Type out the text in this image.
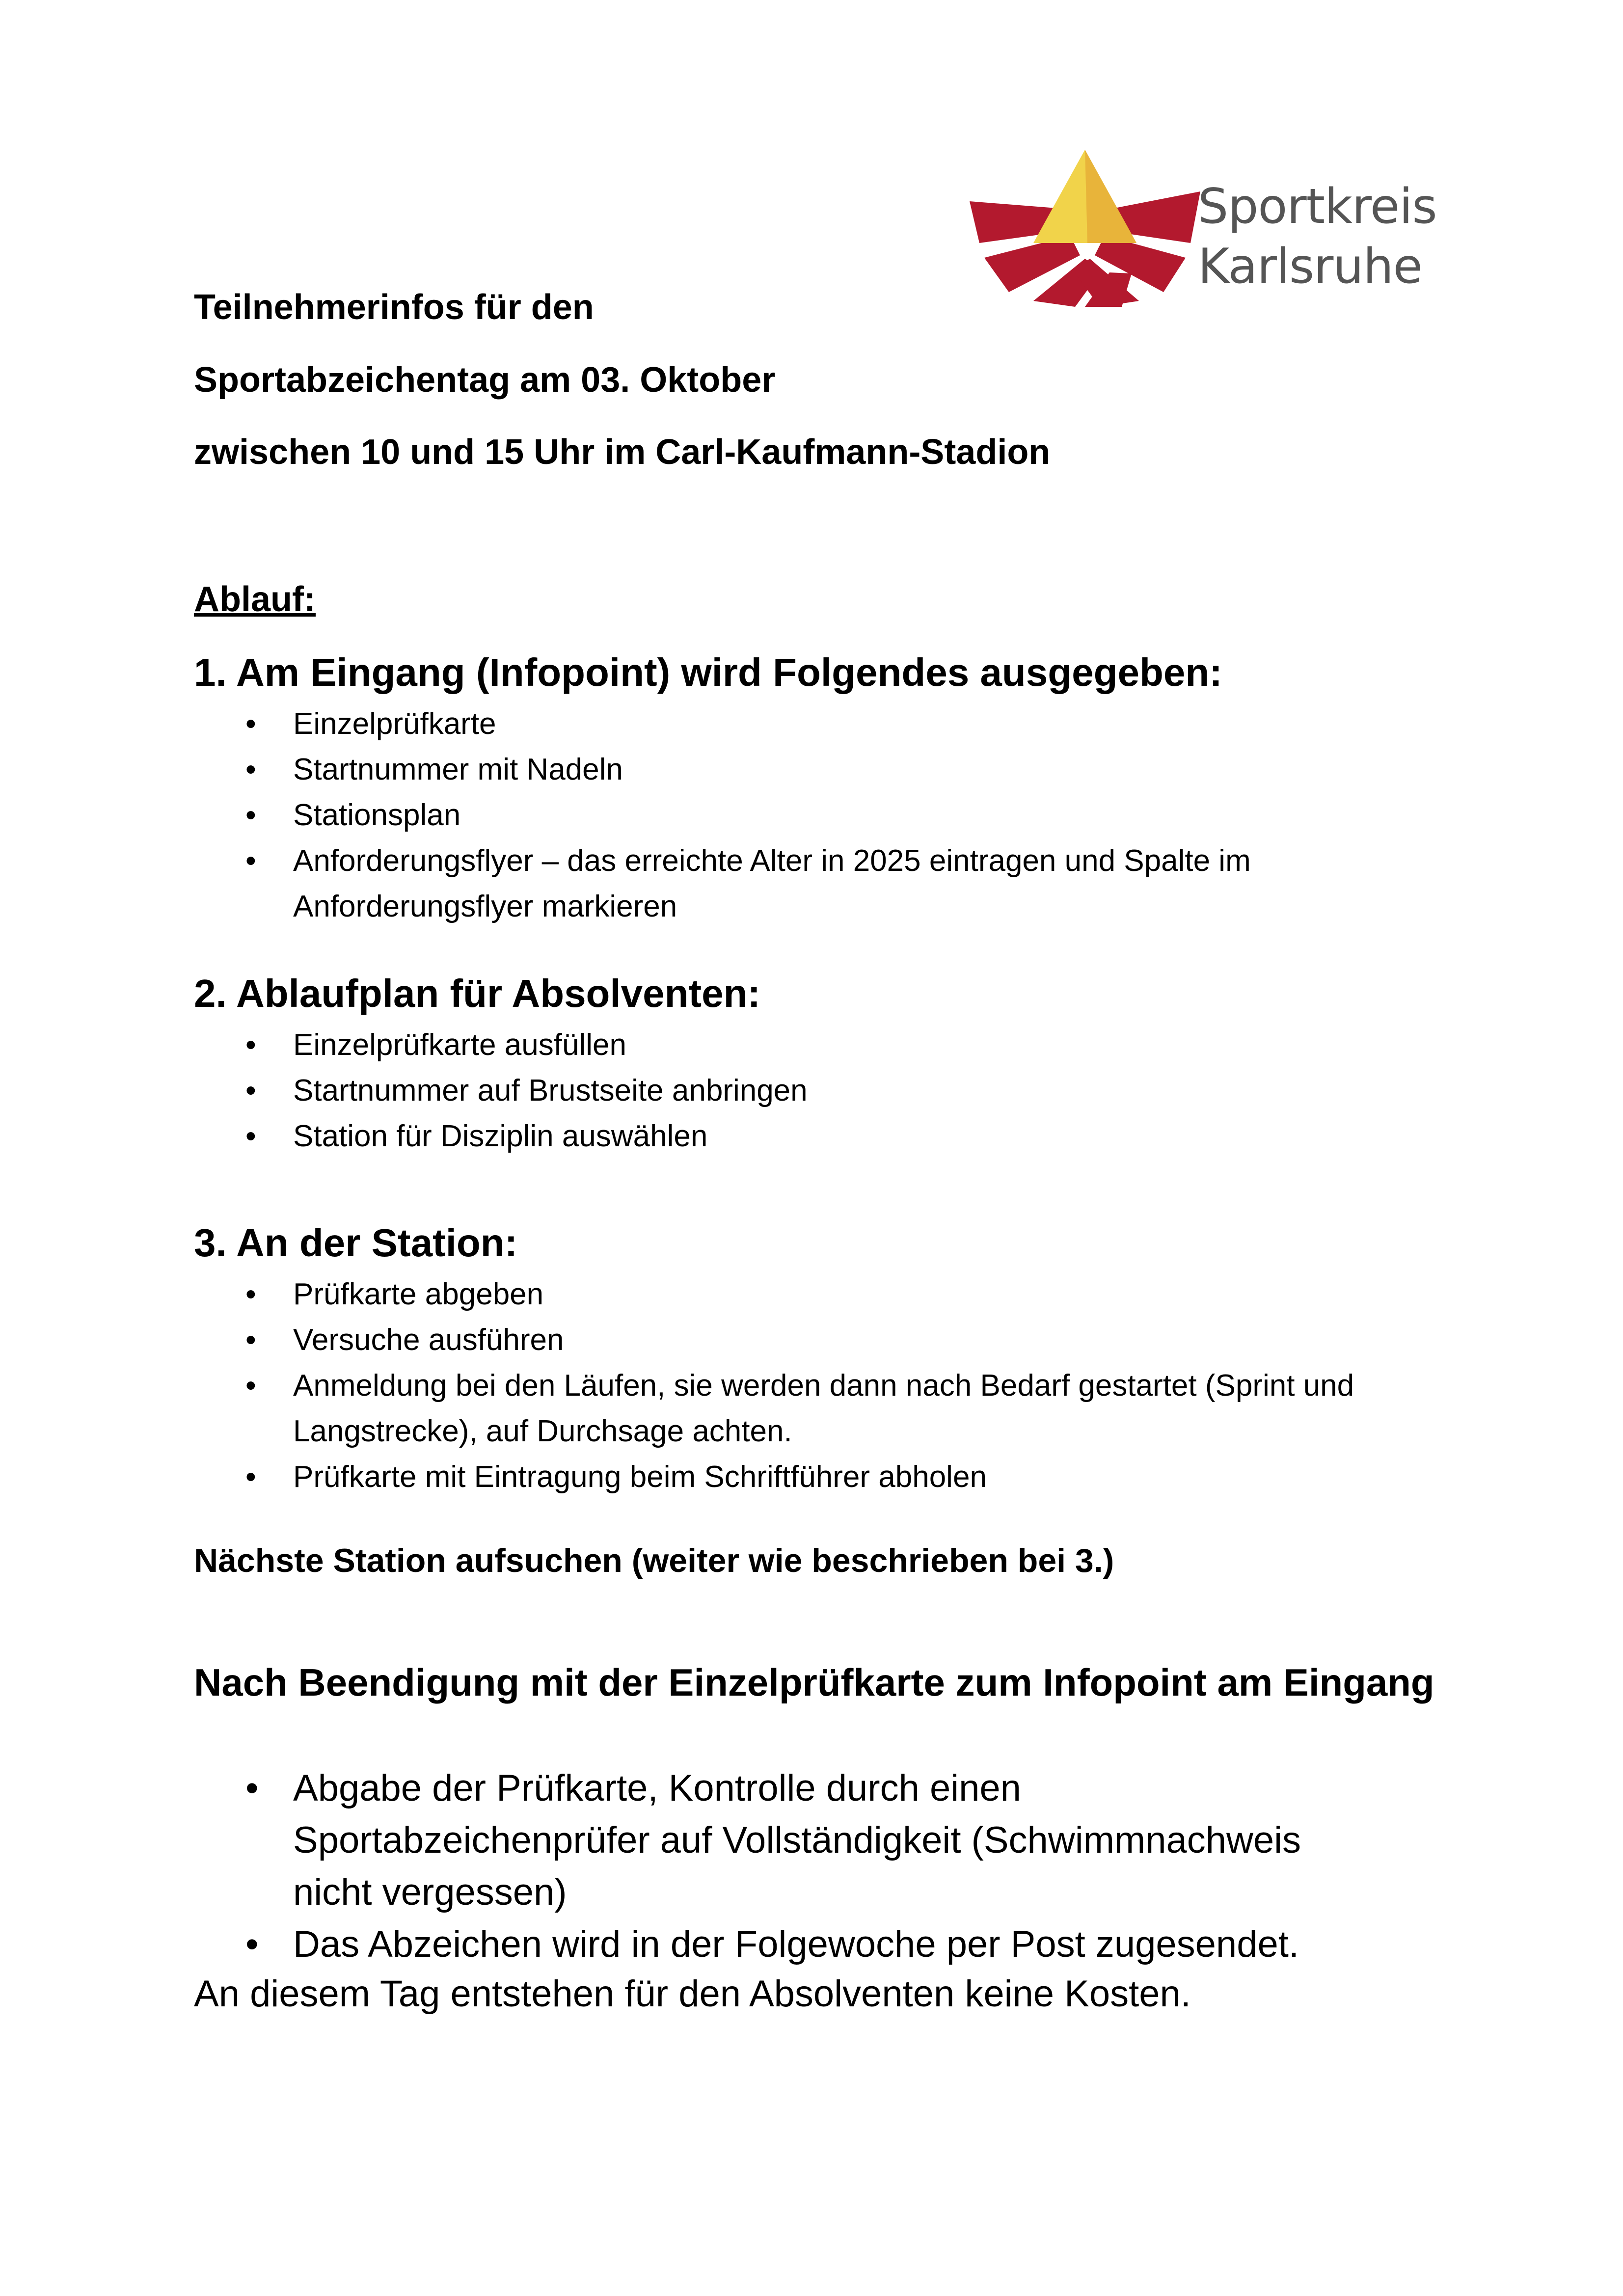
Sportkreis
Karlsruhe
Teilnehmerinfos für den
Sportabzeichentag am 03. Oktober
zwischen 10 und 15 Uhr im Carl-Kaufmann-Stadion
Ablauf:
1. Am Eingang (Infopoint) wird Folgendes ausgegeben:
• Einzelprüfkarte
• Startnummer mit Nadeln
• Stationsplan
• Anforderungsflyer – das erreichte Alter in 2025 eintragen und Spalte im Anforderungsflyer markieren
2. Ablaufplan für Absolventen:
• Einzelprüfkarte ausfüllen
• Startnummer auf Brustseite anbringen
• Station für Disziplin auswählen
3. An der Station:
• Prüfkarte abgeben
• Versuche ausführen
• Anmeldung bei den Läufen, sie werden dann nach Bedarf gestartet (Sprint und Langstrecke), auf Durchsage achten.
• Prüfkarte mit Eintragung beim Schriftführer abholen
Nächste Station aufsuchen (weiter wie beschrieben bei 3.)
Nach Beendigung mit der Einzelprüfkarte zum Infopoint am Eingang
• Abgabe der Prüfkarte, Kontrolle durch einen Sportabzeichenprüfer auf Vollständigkeit (Schwimmnachweis nicht vergessen)
• Das Abzeichen wird in der Folgewoche per Post zugesendet.
An diesem Tag entstehen für den Absolventen keine Kosten.
